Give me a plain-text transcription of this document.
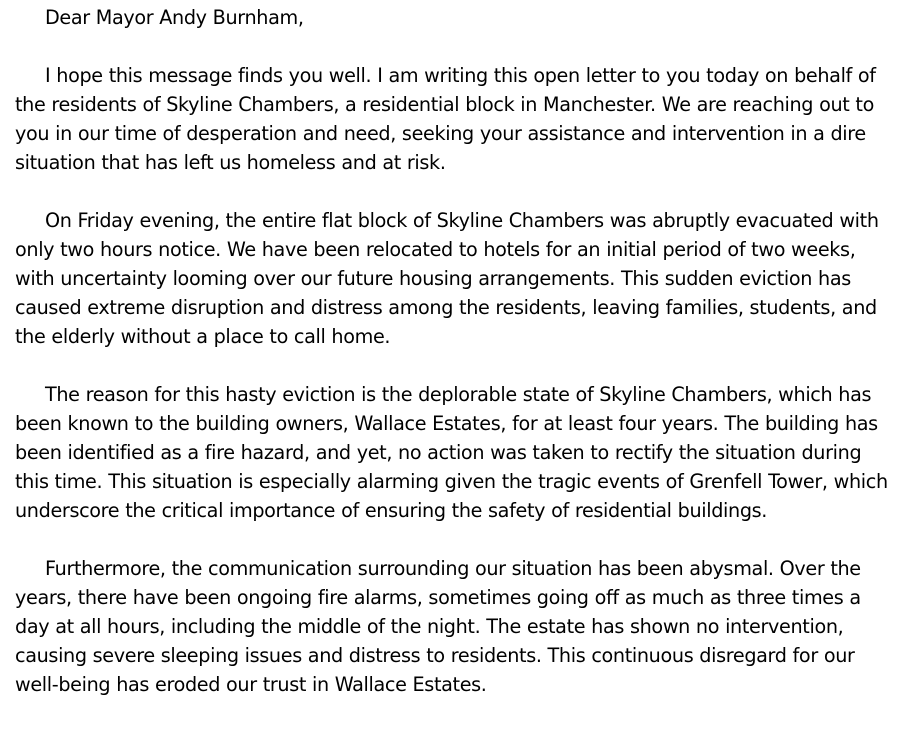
Dear Mayor Andy Burnham,

I hope this message finds you well. I am writing this open letter to you today on behalf of the residents of Skyline Chambers, a residential block in Manchester. We are reaching out to you in our time of desperation and need, seeking your assistance and intervention in a dire situation that has left us homeless and at risk.

On Friday evening, the entire flat block of Skyline Chambers was abruptly evacuated with only two hours notice. We have been relocated to hotels for an initial period of two weeks, with uncertainty looming over our future housing arrangements. This sudden eviction has caused extreme disruption and distress among the residents, leaving families, students, and the elderly without a place to call home.

The reason for this hasty eviction is the deplorable state of Skyline Chambers, which has been known to the building owners, Wallace Estates, for at least four years. The building has been identified as a fire hazard, and yet, no action was taken to rectify the situation during this time. This situation is especially alarming given the tragic events of Grenfell Tower, which underscore the critical importance of ensuring the safety of residential buildings.

Furthermore, the communication surrounding our situation has been abysmal. Over the years, there have been ongoing fire alarms, sometimes going off as much as three times a day at all hours, including the middle of the night. The estate has shown no intervention, causing severe sleeping issues and distress to residents. This continuous disregard for our well-being has eroded our trust in Wallace Estates.
